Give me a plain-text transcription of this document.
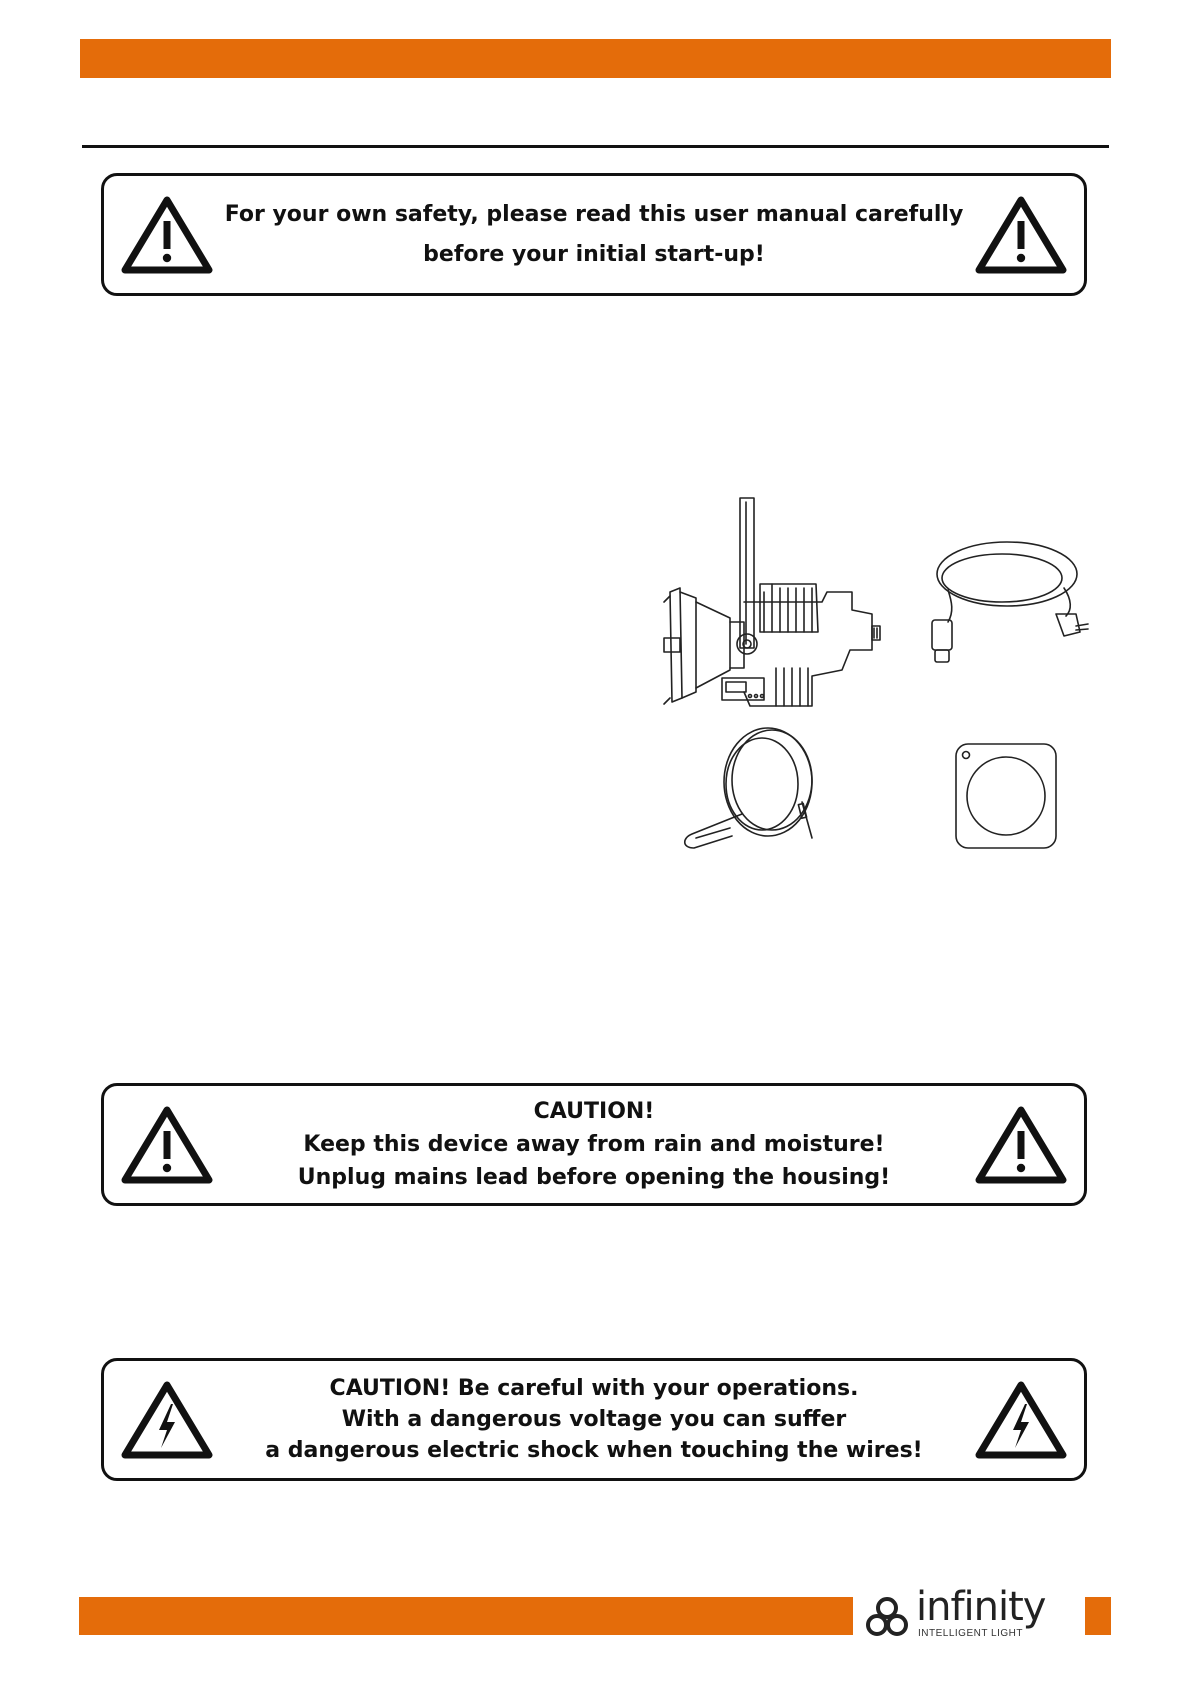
For your own safety, please read this user manual carefully
before your initial start-up!
CAUTION!
Keep this device away from rain and moisture!
Unplug mains lead before opening the housing!
CAUTION! Be careful with your operations.
With a dangerous voltage you can suffer
a dangerous electric shock when touching the wires!
infinity
INTELLIGENT LIGHT
